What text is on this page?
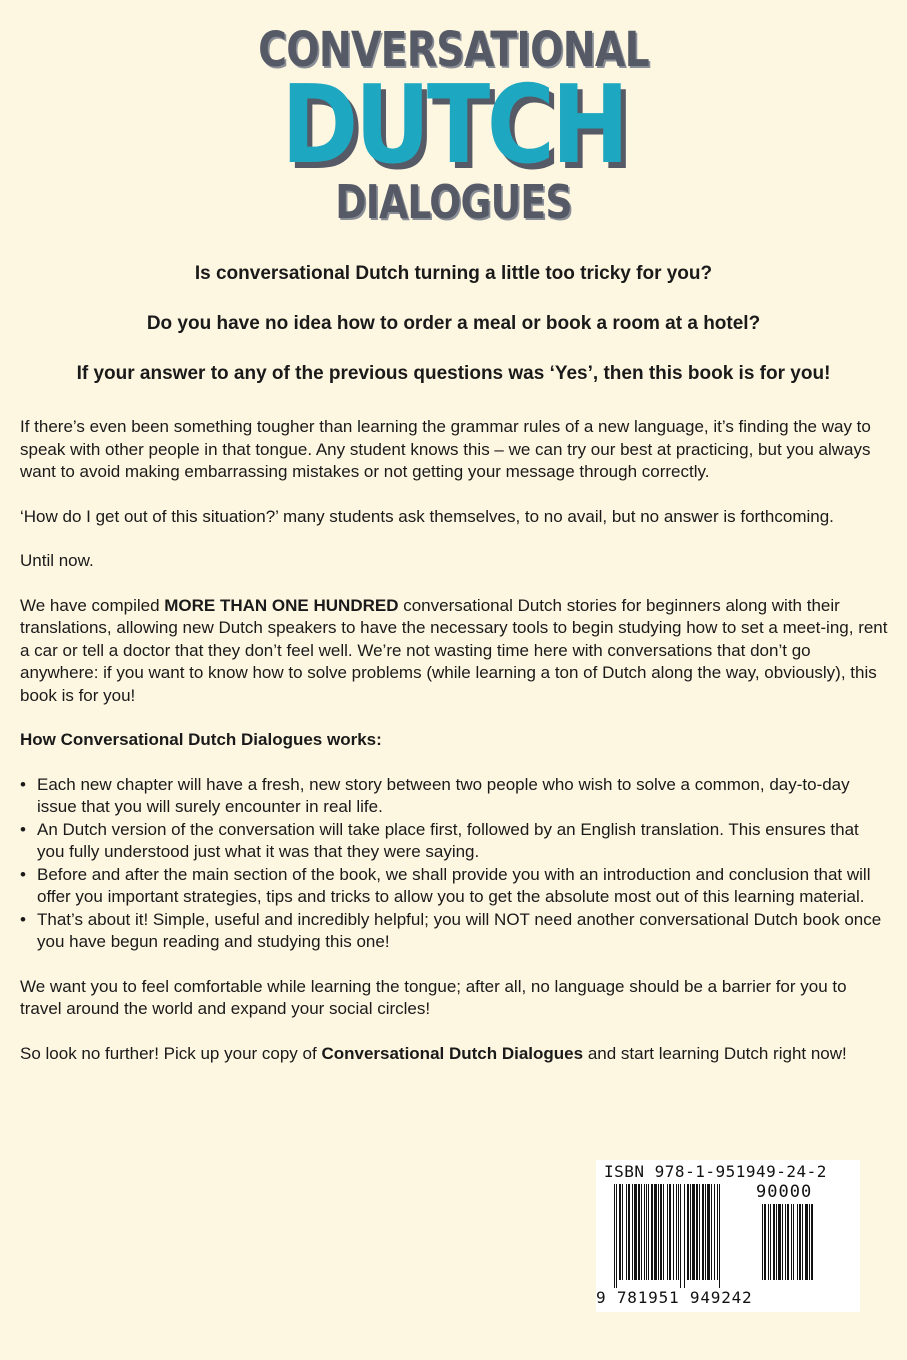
CONVERSATIONAL
DUTCH
DIALOGUES
Is conversational Dutch turning a little too tricky for you?
Do you have no idea how to order a meal or book a room at a hotel?
If your answer to any of the previous questions was ‘Yes’, then this book is for you!

If there’s even been something tougher than learning the grammar rules of a new language, it’s finding the way to speak with other people in that tongue. Any student knows this – we can try our best at practicing, but you always want to avoid making embarrassing mistakes or not getting your message through correctly.

‘How do I get out of this situation?’ many students ask themselves, to no avail, but no answer is forthcoming.

Until now.

We have compiled MORE THAN ONE HUNDRED conversational Dutch stories for beginners along with their translations, allowing new Dutch speakers to have the necessary tools to begin studying how to set a meet-ing, rent a car or tell a doctor that they don’t feel well. We’re not wasting time here with conversations that don’t go anywhere: if you want to know how to solve problems (while learning a ton of Dutch along the way, obviously), this book is for you!

How Conversational Dutch Dialogues works:

• Each new chapter will have a fresh, new story between two people who wish to solve a common, day-to-day issue that you will surely encounter in real life.
• An Dutch version of the conversation will take place first, followed by an English translation. This ensures that you fully understood just what it was that they were saying.
• Before and after the main section of the book, we shall provide you with an introduction and conclusion that will offer you important strategies, tips and tricks to allow you to get the absolute most out of this learning material.
• That’s about it! Simple, useful and incredibly helpful; you will NOT need another conversational Dutch book once you have begun reading and studying this one!

We want you to feel comfortable while learning the tongue; after all, no language should be a barrier for you to travel around the world and expand your social circles!

So look no further! Pick up your copy of Conversational Dutch Dialogues and start learning Dutch right now!

ISBN 978-1-951949-24-2
90000
9 781951 949242
